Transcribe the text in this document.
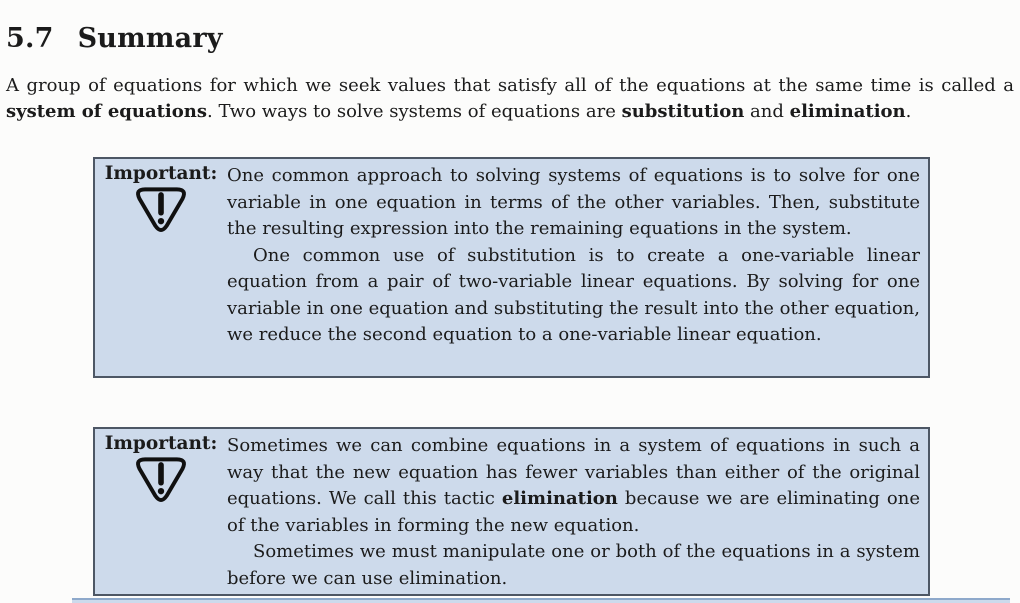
5.7 Summary

A group of equations for which we seek values that satisfy all of the equations at the same time is called a system of equations. Two ways to solve systems of equations are substitution and elimination.

Important: One common approach to solving systems of equations is to solve for one variable in one equation in terms of the other variables. Then, substitute the resulting expression into the remaining equations in the system.

One common use of substitution is to create a one-variable linear equation from a pair of two-variable linear equations. By solving for one variable in one equation and substituting the result into the other equation, we reduce the second equation to a one-variable linear equation.

Important: Sometimes we can combine equations in a system of equations in such a way that the new equation has fewer variables than either of the original equations. We call this tactic elimination because we are eliminating one of the variables in forming the new equation.

Sometimes we must manipulate one or both of the equations in a system before we can use elimination.
